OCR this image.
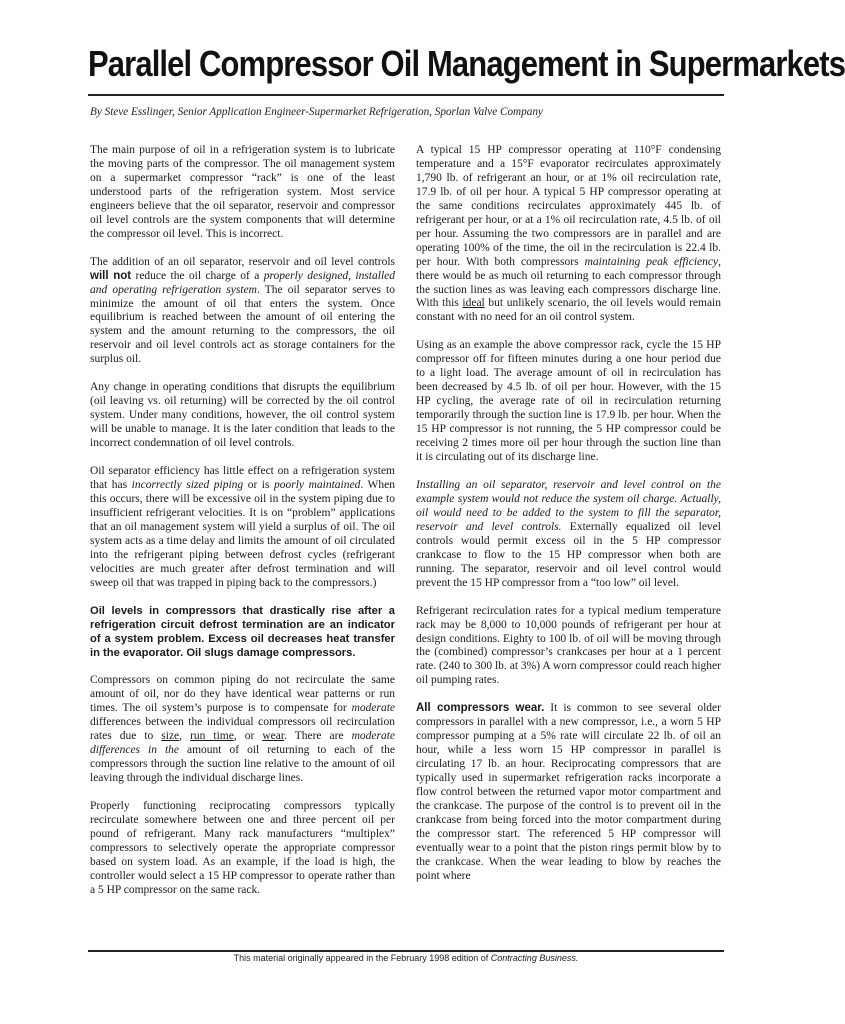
Parallel Compressor Oil Management in Supermarkets
By Steve Esslinger, Senior Application Engineer-Supermarket Refrigeration, Sporlan Valve Company

The main purpose of oil in a refrigeration system is to lubricate the moving parts of the compressor. The oil management system on a supermarket compressor “rack” is one of the least understood parts of the refrigeration system. Most service engineers believe that the oil separator, reservoir and compressor oil level controls are the system components that will determine the compressor oil level. This is incorrect.

The addition of an oil separator, reservoir and oil level controls will not reduce the oil charge of a properly designed, installed and operating refrigeration system. The oil separator serves to minimize the amount of oil that enters the system. Once equilibrium is reached between the amount of oil entering the system and the amount returning to the compressors, the oil reservoir and oil level controls act as storage containers for the surplus oil.

Any change in operating conditions that disrupts the equilibrium (oil leaving vs. oil returning) will be corrected by the oil control system. Under many conditions, however, the oil control system will be unable to manage. It is the later condition that leads to the incorrect condemnation of oil level controls.

Oil separator efficiency has little effect on a refrigeration system that has incorrectly sized piping or is poorly maintained. When this occurs, there will be excessive oil in the system piping due to insufficient refrigerant velocities. It is on “problem” applications that an oil management system will yield a surplus of oil. The oil system acts as a time delay and limits the amount of oil circulated into the refrigerant piping between defrost cycles (refrigerant velocities are much greater after defrost termination and will sweep oil that was trapped in piping back to the compressors.)

Oil levels in compressors that drastically rise after a refrigeration circuit defrost termination are an indicator of a system problem. Excess oil decreases heat transfer in the evaporator. Oil slugs damage compressors.

Compressors on common piping do not recirculate the same amount of oil, nor do they have identical wear patterns or run times. The oil system’s purpose is to compensate for moderate differences between the individual compressors oil recirculation rates due to size, run time, or wear. There are moderate differences in the amount of oil returning to each of the compressors through the suction line relative to the amount of oil leaving through the individual discharge lines.

Properly functioning reciprocating compressors typically recirculate somewhere between one and three percent oil per pound of refrigerant. Many rack manufacturers “multiplex” compressors to selectively operate the appropriate compressor based on system load. As an example, if the load is high, the controller would select a 15 HP compressor to operate rather than a 5 HP compressor on the same rack.

A typical 15 HP compressor operating at 110°F condensing temperature and a 15°F evaporator recirculates approximately 1,790 lb. of refrigerant an hour, or at 1% oil recirculation rate, 17.9 lb. of oil per hour. A typical 5 HP compressor operating at the same conditions recirculates approximately 445 lb. of refrigerant per hour, or at a 1% oil recirculation rate, 4.5 lb. of oil per hour. Assuming the two compressors are in parallel and are operating 100% of the time, the oil in the recirculation is 22.4 lb. per hour. With both compressors maintaining peak efficiency, there would be as much oil returning to each compressor through the suction lines as was leaving each compressors discharge line. With this ideal but unlikely scenario, the oil levels would remain constant with no need for an oil control system.

Using as an example the above compressor rack, cycle the 15 HP compressor off for fifteen minutes during a one hour period due to a light load. The average amount of oil in recirculation has been decreased by 4.5 lb. of oil per hour. However, with the 15 HP cycling, the average rate of oil in recirculation returning temporarily through the suction line is 17.9 lb. per hour. When the 15 HP compressor is not running, the 5 HP compressor could be receiving 2 times more oil per hour through the suction line than it is circulating out of its discharge line.

Installing an oil separator, reservoir and level control on the example system would not reduce the system oil charge. Actually, oil would need to be added to the system to fill the separator, reservoir and level controls. Externally equalized oil level controls would permit excess oil in the 5 HP compressor crankcase to flow to the 15 HP compressor when both are running. The separator, reservoir and oil level control would prevent the 15 HP compressor from a “too low” oil level.

Refrigerant recirculation rates for a typical medium temperature rack may be 8,000 to 10,000 pounds of refrigerant per hour at design conditions. Eighty to 100 lb. of oil will be moving through the (combined) compressor’s crankcases per hour at a 1 percent rate. (240 to 300 lb. at 3%) A worn compressor could reach higher oil pumping rates.

All compressors wear. It is common to see several older compressors in parallel with a new compressor, i.e., a worn 5 HP compressor pumping at a 5% rate will circulate 22 lb. of oil an hour, while a less worn 15 HP compressor in parallel is circulating 17 lb. an hour. Reciprocating compressors that are typically used in supermarket refrigeration racks incorporate a flow control between the returned vapor motor compartment and the crankcase. The purpose of the control is to prevent oil in the crankcase from being forced into the motor compartment during the compressor start. The referenced 5 HP compressor will eventually wear to a point that the piston rings permit blow by to the crankcase. When the wear leading to blow by reaches the point where

This material originally appeared in the February 1998 edition of Contracting Business.
